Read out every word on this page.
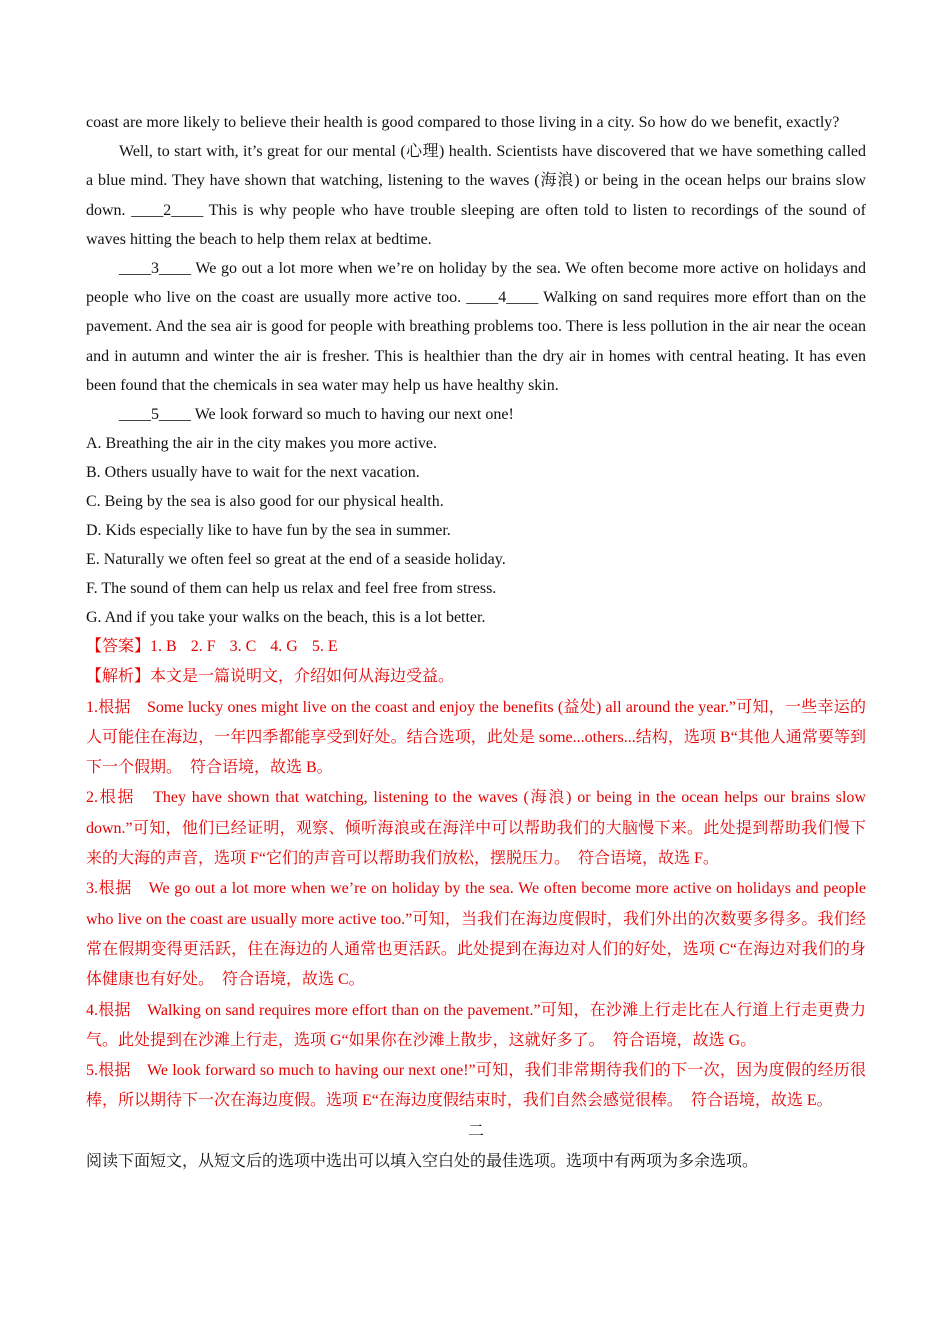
coast are more likely to believe their health is good compared to those living in a city. So how do we benefit, exactly?

Well, to start with, it’s great for our mental (心理) health. Scientists have discovered that we have something called a blue mind. They have shown that watching, listening to the waves (海浪) or being in the ocean helps our brains slow down. ____2____ This is why people who have trouble sleeping are often told to listen to recordings of the sound of waves hitting the beach to help them relax at bedtime.

____3____ We go out a lot more when we’re on holiday by the sea. We often become more active on holidays and people who live on the coast are usually more active too. ____4____ Walking on sand requires more effort than on the pavement. And the sea air is good for people with breathing problems too. There is less pollution in the air near the ocean and in autumn and winter the air is fresher. This is healthier than the dry air in homes with central heating. It has even been found that the chemicals in sea water may help us have healthy skin.

____5____ We look forward so much to having our next one!

A. Breathing the air in the city makes you more active.

B. Others usually have to wait for the next vacation.

C. Being by the sea is also good for our physical health.

D. Kids especially like to have fun by the sea in summer.

E. Naturally we often feel so great at the end of a seaside holiday.

F. The sound of them can help us relax and feel free from stress.

G. And if you take your walks on the beach, this is a lot better.

【答案】1. B 2. F 3. C 4. G 5. E

【解析】本文是一篇说明文，介绍如何从海边受益。

1.根据　Some lucky ones might live on the coast and enjoy the benefits (益处) all around the year.”可知，一些幸运的人可能住在海边，一年四季都能享受到好处。结合选项，此处是 some...others...结构，选项 B“其他人通常要等到下一个假期。　符合语境，故选 B。

2.根据　They have shown that watching, listening to the waves (海浪) or being in the ocean helps our brains slow down.”可知，他们已经证明，观察、倾听海浪或在海洋中可以帮助我们的大脑慢下来。此处提到帮助我们慢下来的大海的声音，选项 F“它们的声音可以帮助我们放松，摆脱压力。　符合语境，故选 F。

3.根据　We go out a lot more when we’re on holiday by the sea. We often become more active on holidays and people who live on the coast are usually more active too.”可知，当我们在海边度假时，我们外出的次数要多得多。我们经常在假期变得更活跃，住在海边的人通常也更活跃。此处提到在海边对人们的好处，选项 C“在海边对我们的身体健康也有好处。　符合语境，故选 C。

4.根据　Walking on sand requires more effort than on the pavement.”可知，在沙滩上行走比在人行道上行走更费力气。此处提到在沙滩上行走，选项 G“如果你在沙滩上散步，这就好多了。　符合语境，故选 G。

5.根据　We look forward so much to having our next one!”可知，我们非常期待我们的下一次，因为度假的经历很棒，所以期待下一次在海边度假。选项 E“在海边度假结束时，我们自然会感觉很棒。　符合语境，故选 E。

二

阅读下面短文，从短文后的选项中选出可以填入空白处的最佳选项。选项中有两项为多余选项。
